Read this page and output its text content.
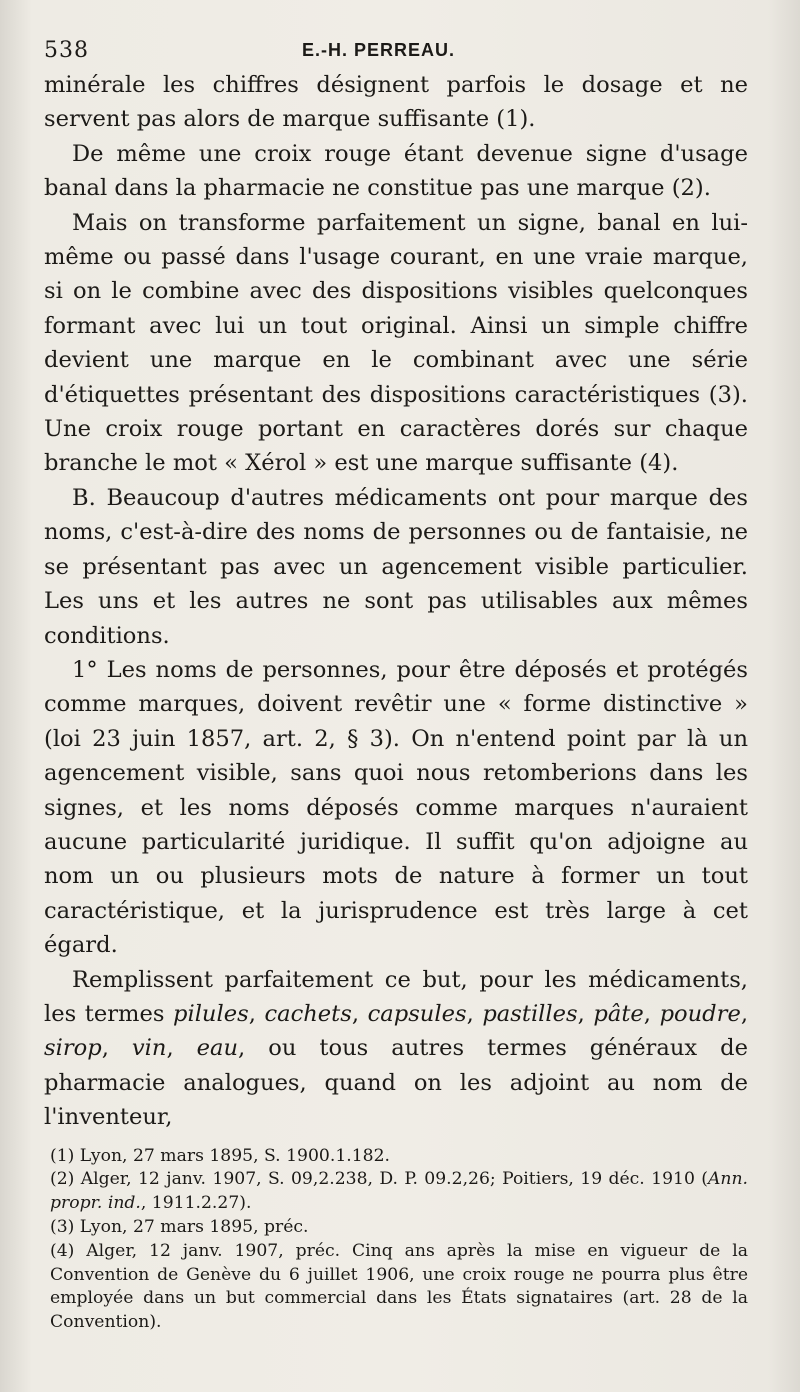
538	E.-H. PERREAU.

minérale les chiffres désignent parfois le dosage et ne servent pas alors de marque suffisante (1).

De même une croix rouge étant devenue signe d'usage banal dans la pharmacie ne constitue pas une marque (2).

Mais on transforme parfaitement un signe, banal en lui-même ou passé dans l'usage courant, en une vraie marque, si on le combine avec des dispositions visibles quelconques formant avec lui un tout original. Ainsi un simple chiffre devient une marque en le combinant avec une série d'étiquettes présentant des dispositions caractéristiques (3). Une croix rouge portant en caractères dorés sur chaque branche le mot « Xérol » est une marque suffisante (4).

B. Beaucoup d'autres médicaments ont pour marque des noms, c'est-à-dire des noms de personnes ou de fantaisie, ne se présentant pas avec un agencement visible particulier. Les uns et les autres ne sont pas utilisables aux mêmes conditions.

1° Les noms de personnes, pour être déposés et protégés comme marques, doivent revêtir une « forme distinctive » (loi 23 juin 1857, art. 2, § 3). On n'entend point par là un agencement visible, sans quoi nous retomberions dans les signes, et les noms déposés comme marques n'auraient aucune particularité juridique. Il suffit qu'on adjoigne au nom un ou plusieurs mots de nature à former un tout caractéristique, et la jurisprudence est très large à cet égard.

Remplissent parfaitement ce but, pour les médicaments, les termes pilules, cachets, capsules, pastilles, pâte, poudre, sirop, vin, eau, ou tous autres termes généraux de pharmacie analogues, quand on les adjoint au nom de l'inventeur,

(1) Lyon, 27 mars 1895, S. 1900.1.182.

(2) Alger, 12 janv. 1907, S. 09,2.238, D. P. 09.2,26; Poitiers, 19 déc. 1910 (Ann. propr. ind., 1911.2.27).

(3) Lyon, 27 mars 1895, préc.

(4) Alger, 12 janv. 1907, préc. Cinq ans après la mise en vigueur de la Convention de Genève du 6 juillet 1906, une croix rouge ne pourra plus être employée dans un but commercial dans les États signataires (art. 28 de la Convention).
